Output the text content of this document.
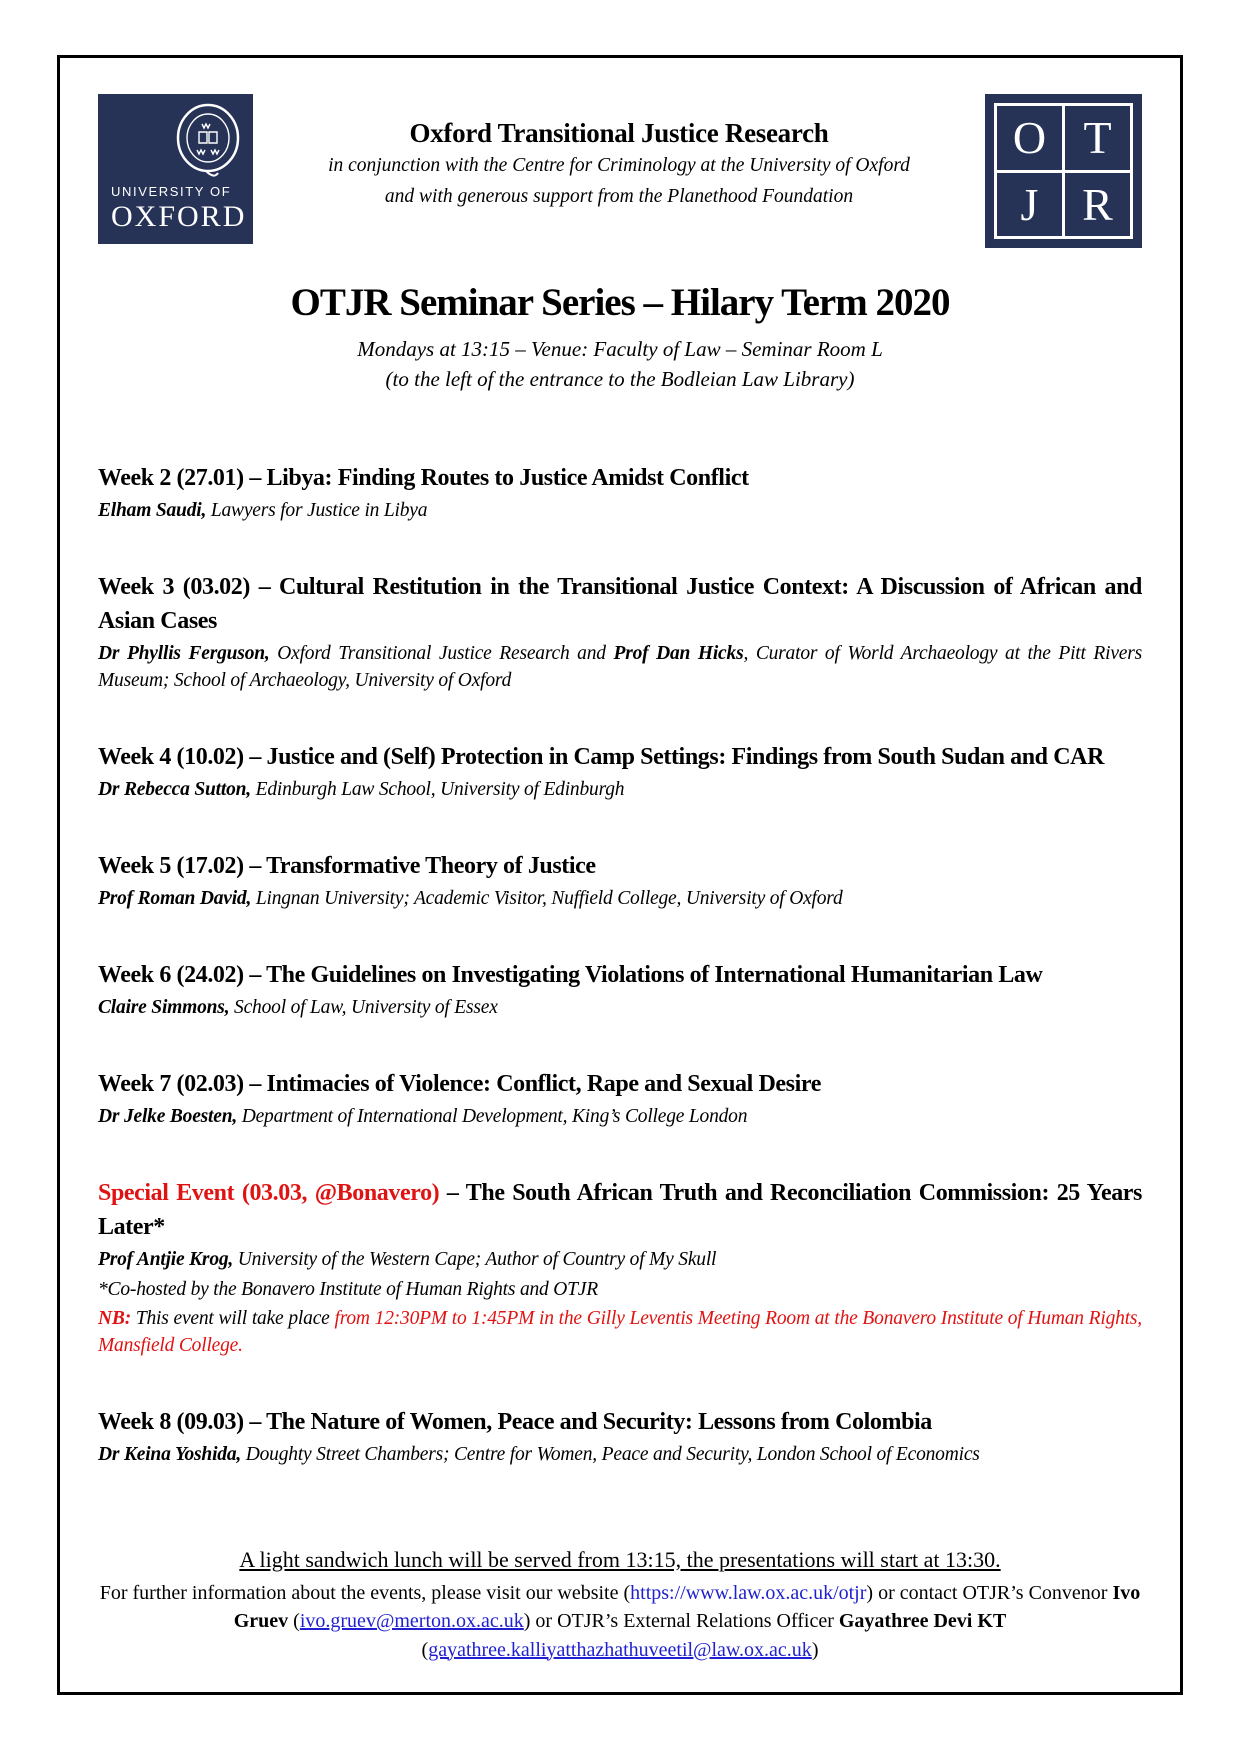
UNIVERSITY OF
OXFORD
Oxford Transitional Justice Research
in conjunction with the Centre for Criminology at the University of Oxford
and with generous support from the Planethood Foundation
O T
J R
OTJR Seminar Series – Hilary Term 2020
Mondays at 13:15 – Venue: Faculty of Law – Seminar Room L
(to the left of the entrance to the Bodleian Law Library)
Week 2 (27.01) – Libya: Finding Routes to Justice Amidst Conflict
Elham Saudi, Lawyers for Justice in Libya
Week 3 (03.02) – Cultural Restitution in the Transitional Justice Context: A Discussion of African and Asian Cases
Dr Phyllis Ferguson, Oxford Transitional Justice Research and Prof Dan Hicks, Curator of World Archaeology at the Pitt Rivers Museum; School of Archaeology, University of Oxford
Week 4 (10.02) – Justice and (Self) Protection in Camp Settings: Findings from South Sudan and CAR
Dr Rebecca Sutton, Edinburgh Law School, University of Edinburgh
Week 5 (17.02) – Transformative Theory of Justice
Prof Roman David, Lingnan University; Academic Visitor, Nuffield College, University of Oxford
Week 6 (24.02) – The Guidelines on Investigating Violations of International Humanitarian Law
Claire Simmons, School of Law, University of Essex
Week 7 (02.03) – Intimacies of Violence: Conflict, Rape and Sexual Desire
Dr Jelke Boesten, Department of International Development, King’s College London
Special Event (03.03, @Bonavero) – The South African Truth and Reconciliation Commission: 25 Years Later*
Prof Antjie Krog, University of the Western Cape; Author of Country of My Skull
*Co-hosted by the Bonavero Institute of Human Rights and OTJR
NB: This event will take place from 12:30PM to 1:45PM in the Gilly Leventis Meeting Room at the Bonavero Institute of Human Rights, Mansfield College.
Week 8 (09.03) – The Nature of Women, Peace and Security: Lessons from Colombia
Dr Keina Yoshida, Doughty Street Chambers; Centre for Women, Peace and Security, London School of Economics
A light sandwich lunch will be served from 13:15, the presentations will start at 13:30.
For further information about the events, please visit our website (https://www.law.ox.ac.uk/otjr) or contact OTJR’s Convenor Ivo Gruev (ivo.gruev@merton.ox.ac.uk) or OTJR’s External Relations Officer Gayathree Devi KT (gayathree.kalliyatthazhathuveetil@law.ox.ac.uk)
